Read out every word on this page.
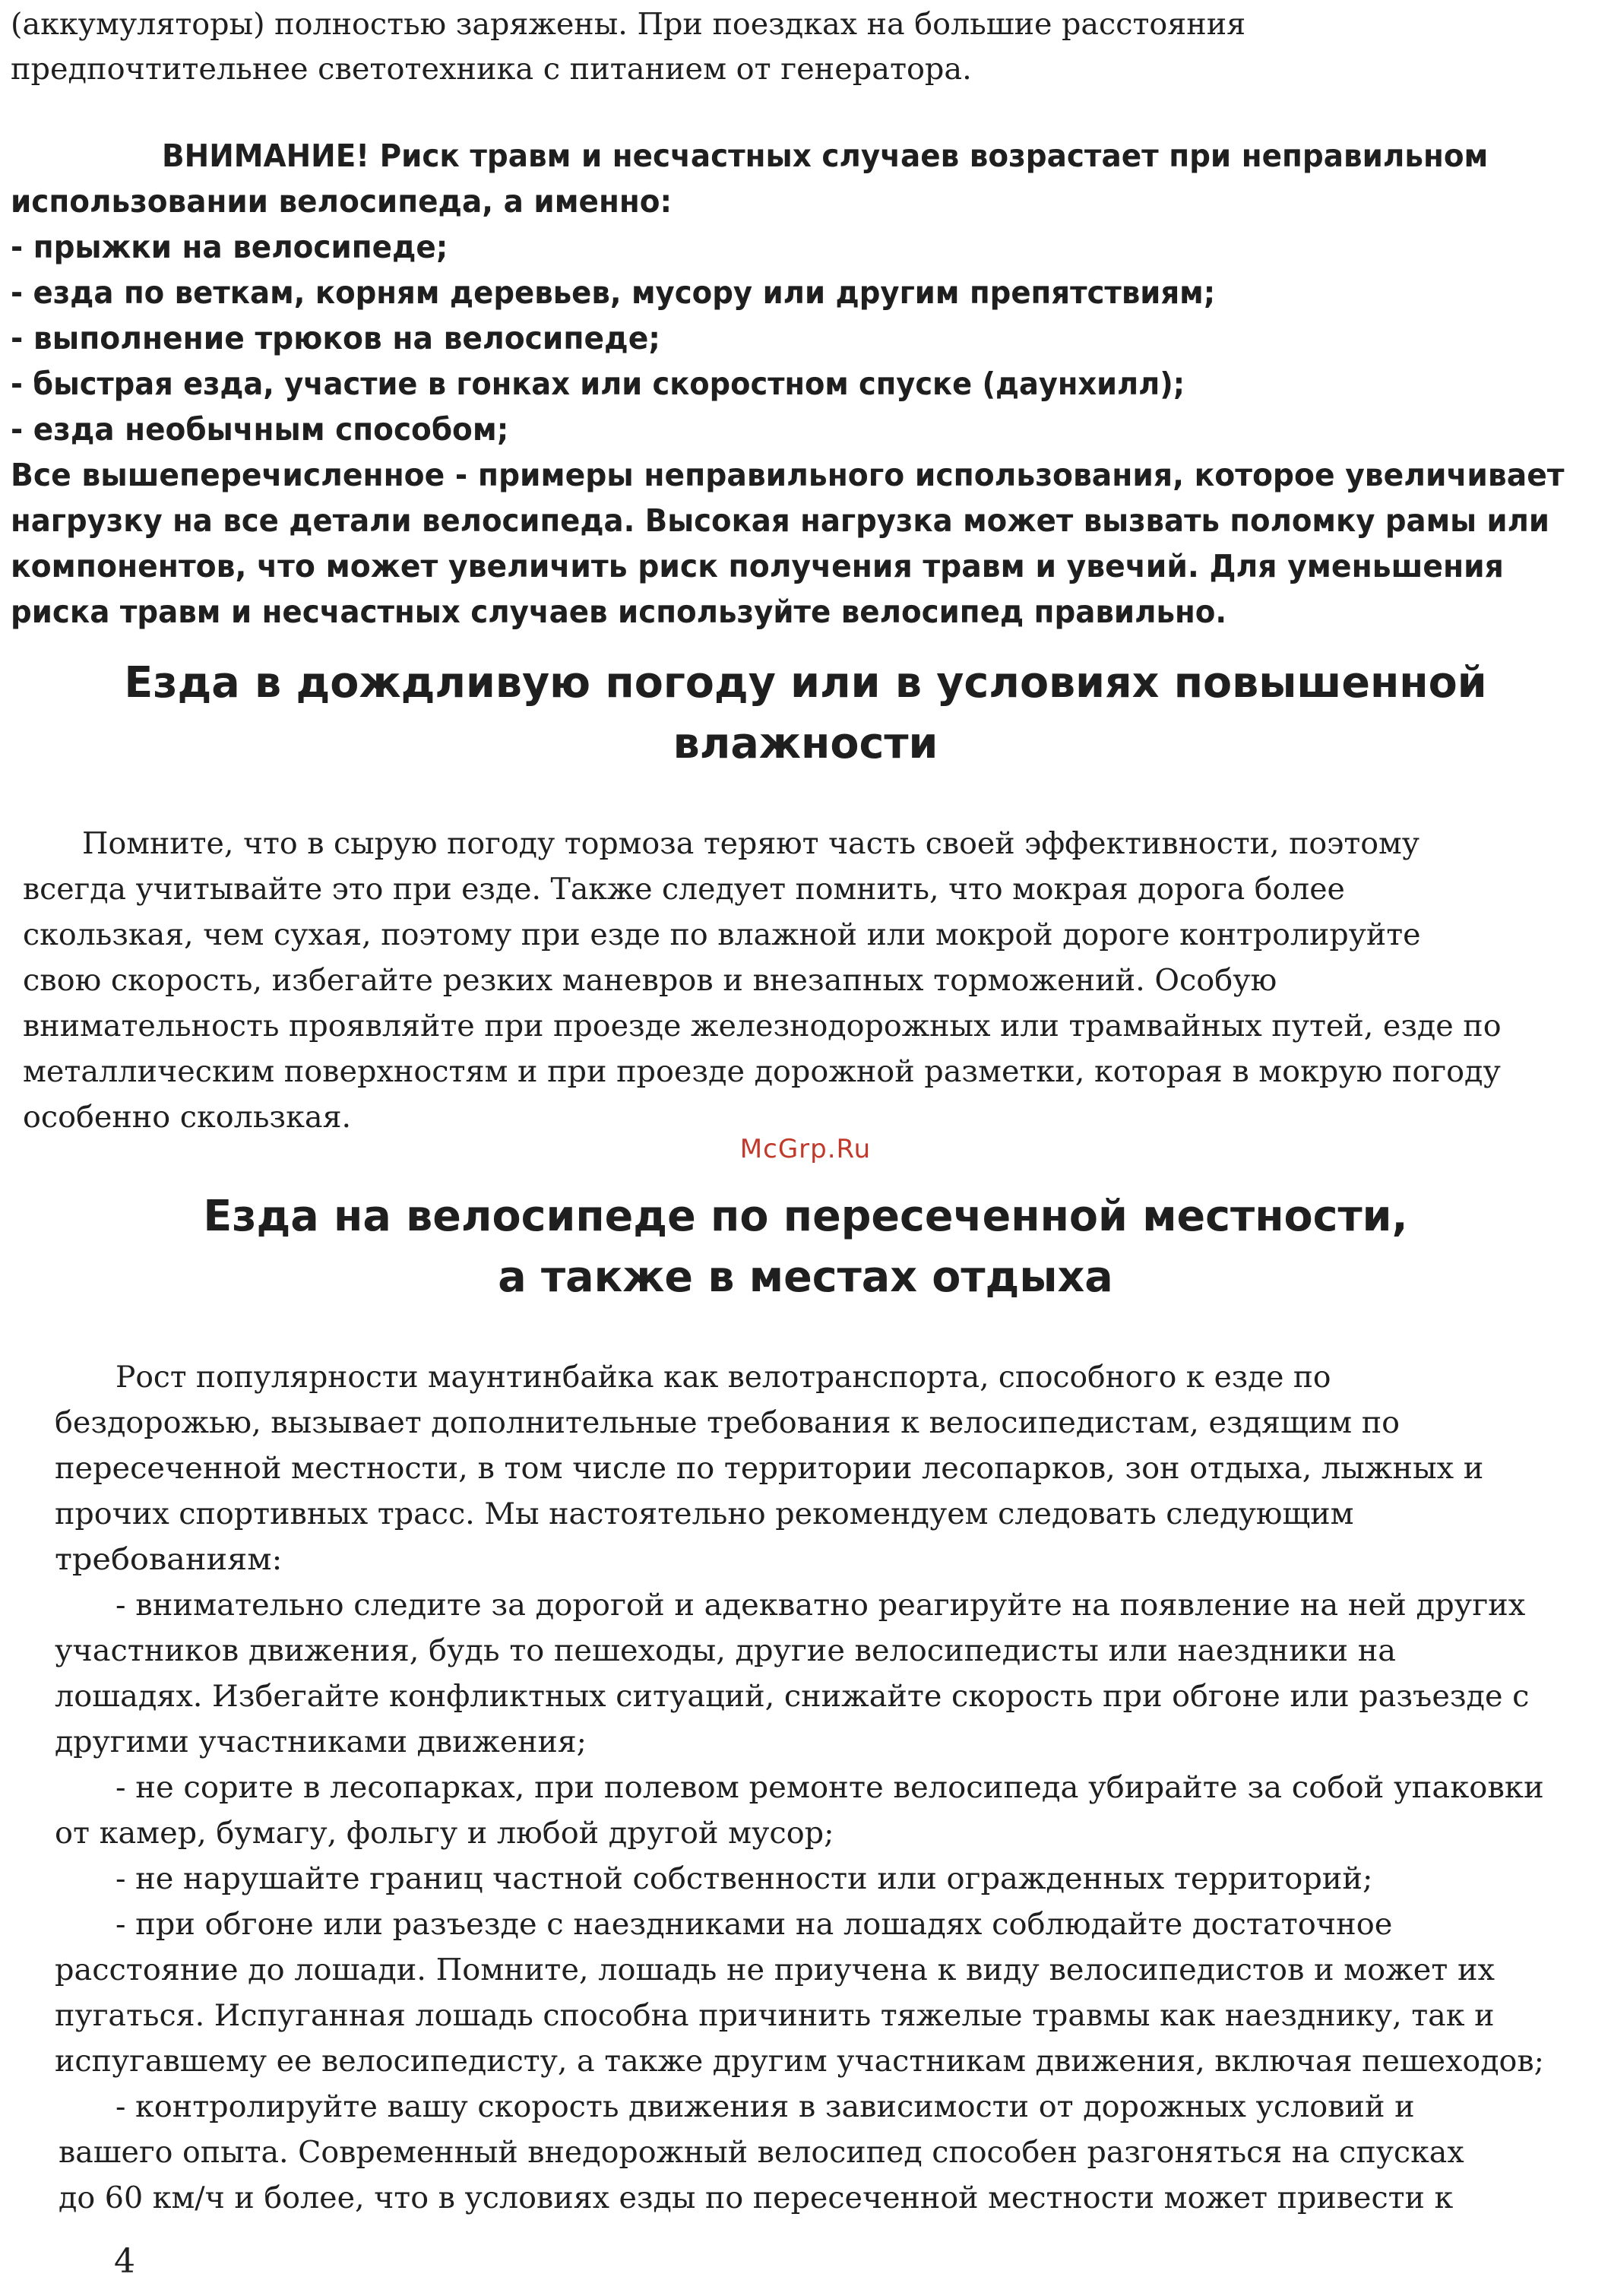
(аккумуляторы) полностью заряжены. При поездках на большие расстояния
предпочтительнее светотехника с питанием от генератора.
ВНИМАНИЕ! Риск травм и несчастных случаев возрастает при неправильном
использовании велосипеда, а именно:
- прыжки на велосипеде;
- езда по веткам, корням деревьев, мусору или другим препятствиям;
- выполнение трюков на велосипеде;
- быстрая езда, участие в гонках или скоростном спуске (даунхилл);
- езда необычным способом;
Все вышеперечисленное - примеры неправильного использования, которое увеличивает
нагрузку на все детали велосипеда. Высокая нагрузка может вызвать поломку рамы или
компонентов, что может увеличить риск получения травм и увечий. Для уменьшения
риска травм и несчастных случаев используйте велосипед правильно.
Езда в дождливую погоду или в условиях повышенной
влажности
Помните, что в сырую погоду тормоза теряют часть своей эффективности, поэтому
всегда учитывайте это при езде. Также следует помнить, что мокрая дорога более
скользкая, чем сухая, поэтому при езде по влажной или мокрой дороге контролируйте
свою скорость, избегайте резких маневров и внезапных торможений. Особую
внимательность проявляйте при проезде железнодорожных или трамвайных путей, езде по
металлическим поверхностям и при проезде дорожной разметки, которая в мокрую погоду
особенно скользкая.
McGrp.Ru
Езда на велосипеде по пересеченной местности,
а также в местах отдыха
Рост популярности маунтинбайка как велотранспорта, способного к езде по
бездорожью, вызывает дополнительные требования к велосипедистам, ездящим по
пересеченной местности, в том числе по территории лесопарков, зон отдыха, лыжных и
прочих спортивных трасс. Мы настоятельно рекомендуем следовать следующим
требованиям:
- внимательно следите за дорогой и адекватно реагируйте на появление на ней других
участников движения, будь то пешеходы, другие велосипедисты или наездники на
лошадях. Избегайте конфликтных ситуаций, снижайте скорость при обгоне или разъезде с
другими участниками движения;
- не сорите в лесопарках, при полевом ремонте велосипеда убирайте за собой упаковки
от камер, бумагу, фольгу и любой другой мусор;
- не нарушайте границ частной собственности или огражденных территорий;
- при обгоне или разъезде с наездниками на лошадях соблюдайте достаточное
расстояние до лошади. Помните, лошадь не приучена к виду велосипедистов и может их
пугаться. Испуганная лошадь способна причинить тяжелые травмы как наезднику, так и
испугавшему ее велосипедисту, а также другим участникам движения, включая пешеходов;
- контролируйте вашу скорость движения в зависимости от дорожных условий и
вашего опыта. Современный внедорожный велосипед способен разгоняться на спусках
до 60 км/ч и более, что в условиях езды по пересеченной местности может привести к
4
